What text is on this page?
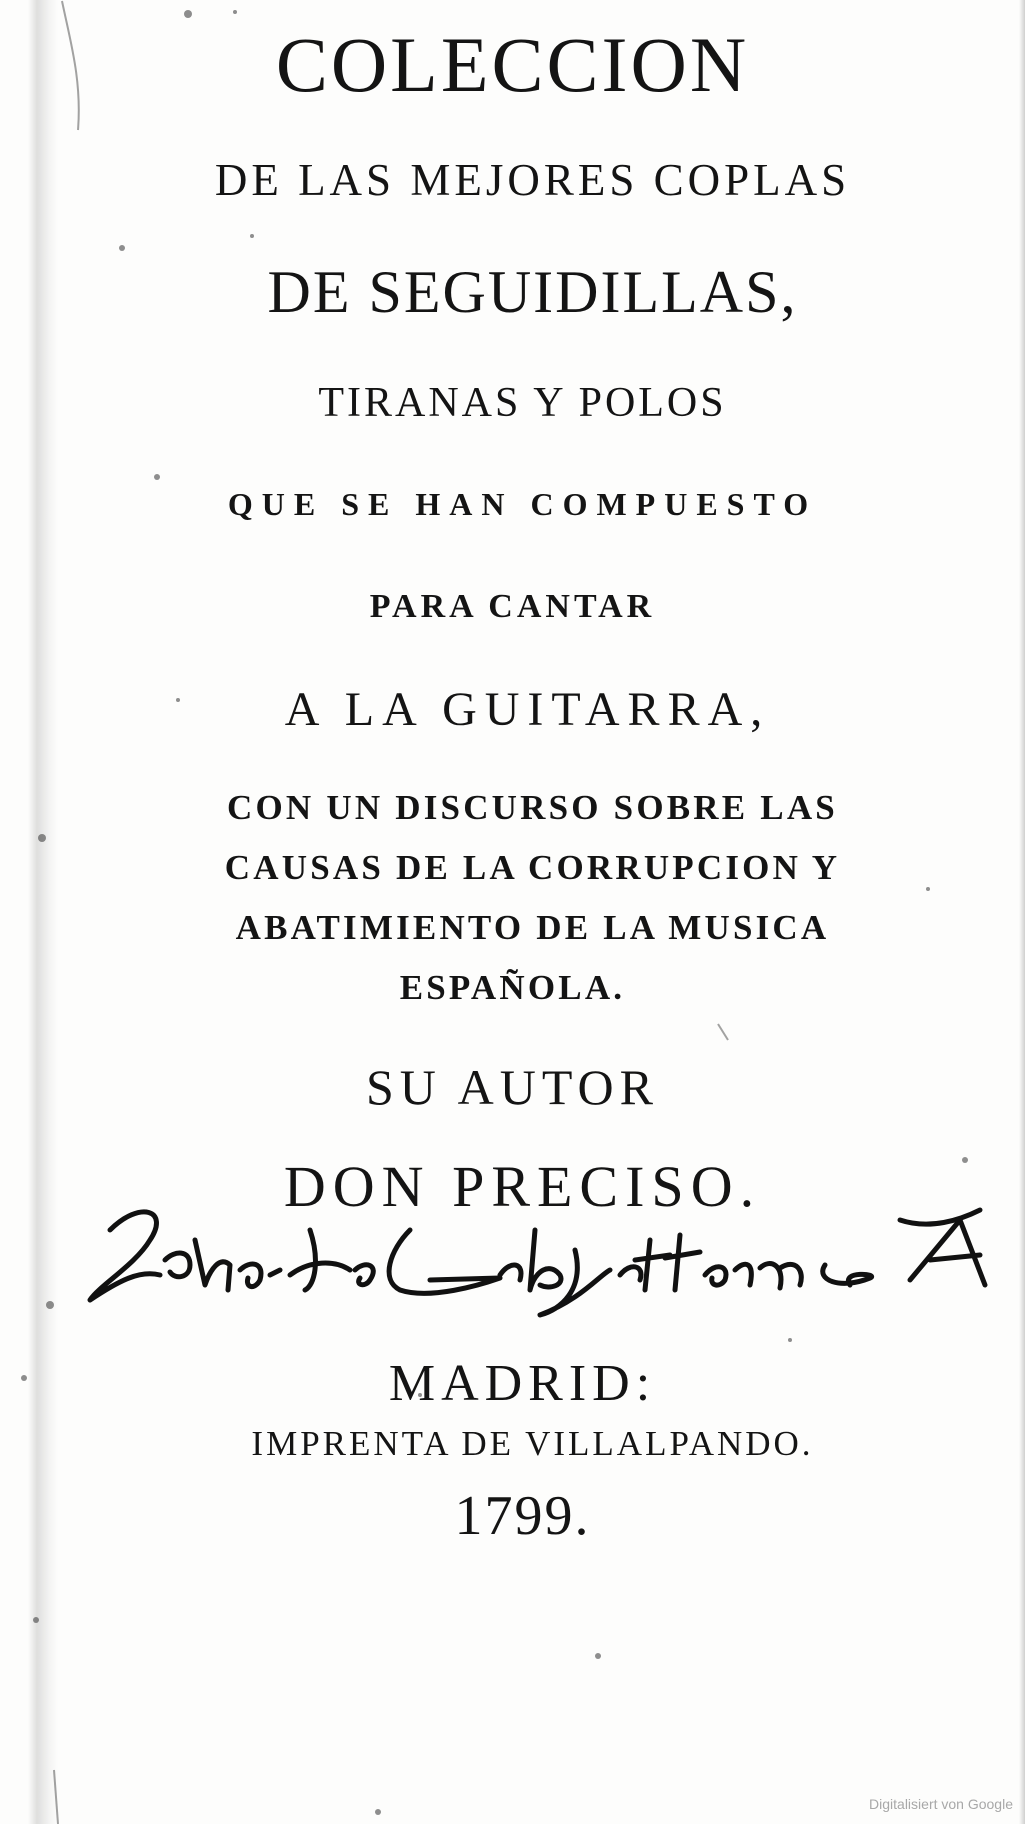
COLECCION
DE LAS MEJORES COPLAS
DE SEGUIDILLAS,
TIRANAS Y POLOS
QUE SE HAN COMPUESTO
PARA CANTAR
A LA GUITARRA,
CON UN DISCURSO SOBRE LAS
CAUSAS DE LA CORRUPCION Y
ABATIMIENTO DE LA MUSICA
ESPAÑOLA.
SU AUTOR
DON PRECISO.
MADRID:
IMPRENTA DE VILLALPANDO.
1799.
Digitalisiert von Google
